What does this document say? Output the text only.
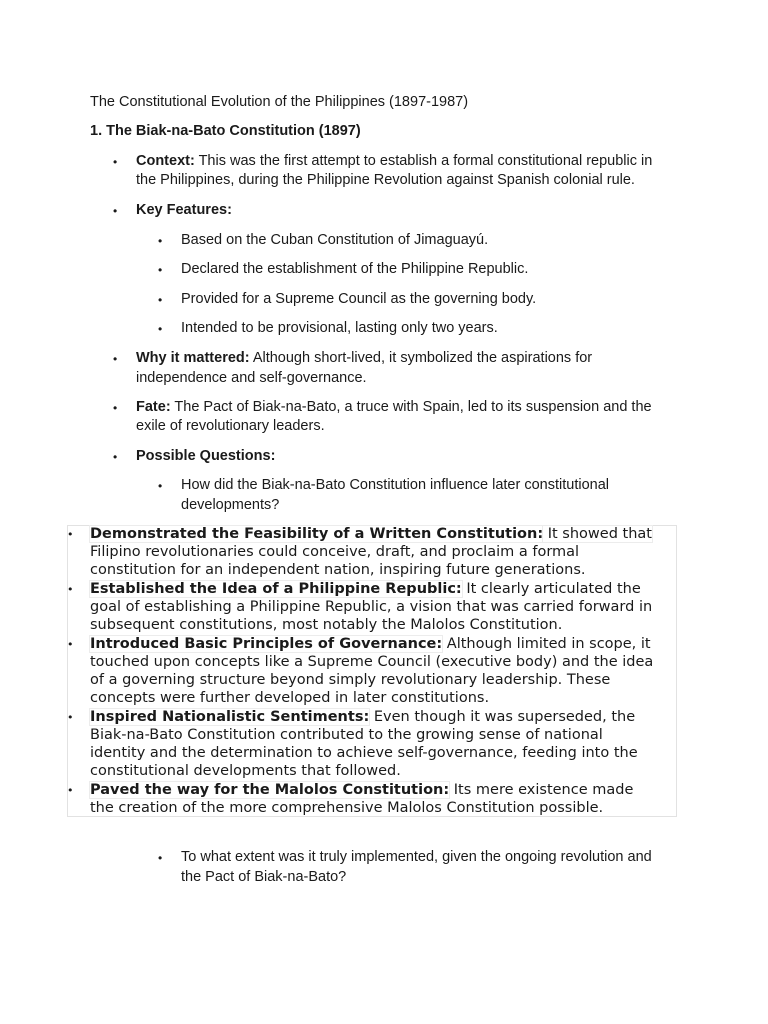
The Constitutional Evolution of the Philippines (1897-1987)
1. The Biak-na-Bato Constitution (1897)
• Context: This was the first attempt to establish a formal constitutional republic in
the Philippines, during the Philippine Revolution against Spanish colonial rule.
• Key Features:
• Based on the Cuban Constitution of Jimaguayú.
• Declared the establishment of the Philippine Republic.
• Provided for a Supreme Council as the governing body.
• Intended to be provisional, lasting only two years.
• Why it mattered: Although short-lived, it symbolized the aspirations for
independence and self-governance.
• Fate: The Pact of Biak-na-Bato, a truce with Spain, led to its suspension and the
exile of revolutionary leaders.
• Possible Questions:
• How did the Biak-na-Bato Constitution influence later constitutional
developments?
• Demonstrated the Feasibility of a Written Constitution: It showed that
Filipino revolutionaries could conceive, draft, and proclaim a formal
constitution for an independent nation, inspiring future generations.
• Established the Idea of a Philippine Republic: It clearly articulated the
goal of establishing a Philippine Republic, a vision that was carried forward in
subsequent constitutions, most notably the Malolos Constitution.
• Introduced Basic Principles of Governance: Although limited in scope, it
touched upon concepts like a Supreme Council (executive body) and the idea
of a governing structure beyond simply revolutionary leadership. These
concepts were further developed in later constitutions.
• Inspired Nationalistic Sentiments: Even though it was superseded, the
Biak-na-Bato Constitution contributed to the growing sense of national
identity and the determination to achieve self-governance, feeding into the
constitutional developments that followed.
• Paved the way for the Malolos Constitution: Its mere existence made
the creation of the more comprehensive Malolos Constitution possible.
• To what extent was it truly implemented, given the ongoing revolution and
the Pact of Biak-na-Bato?
